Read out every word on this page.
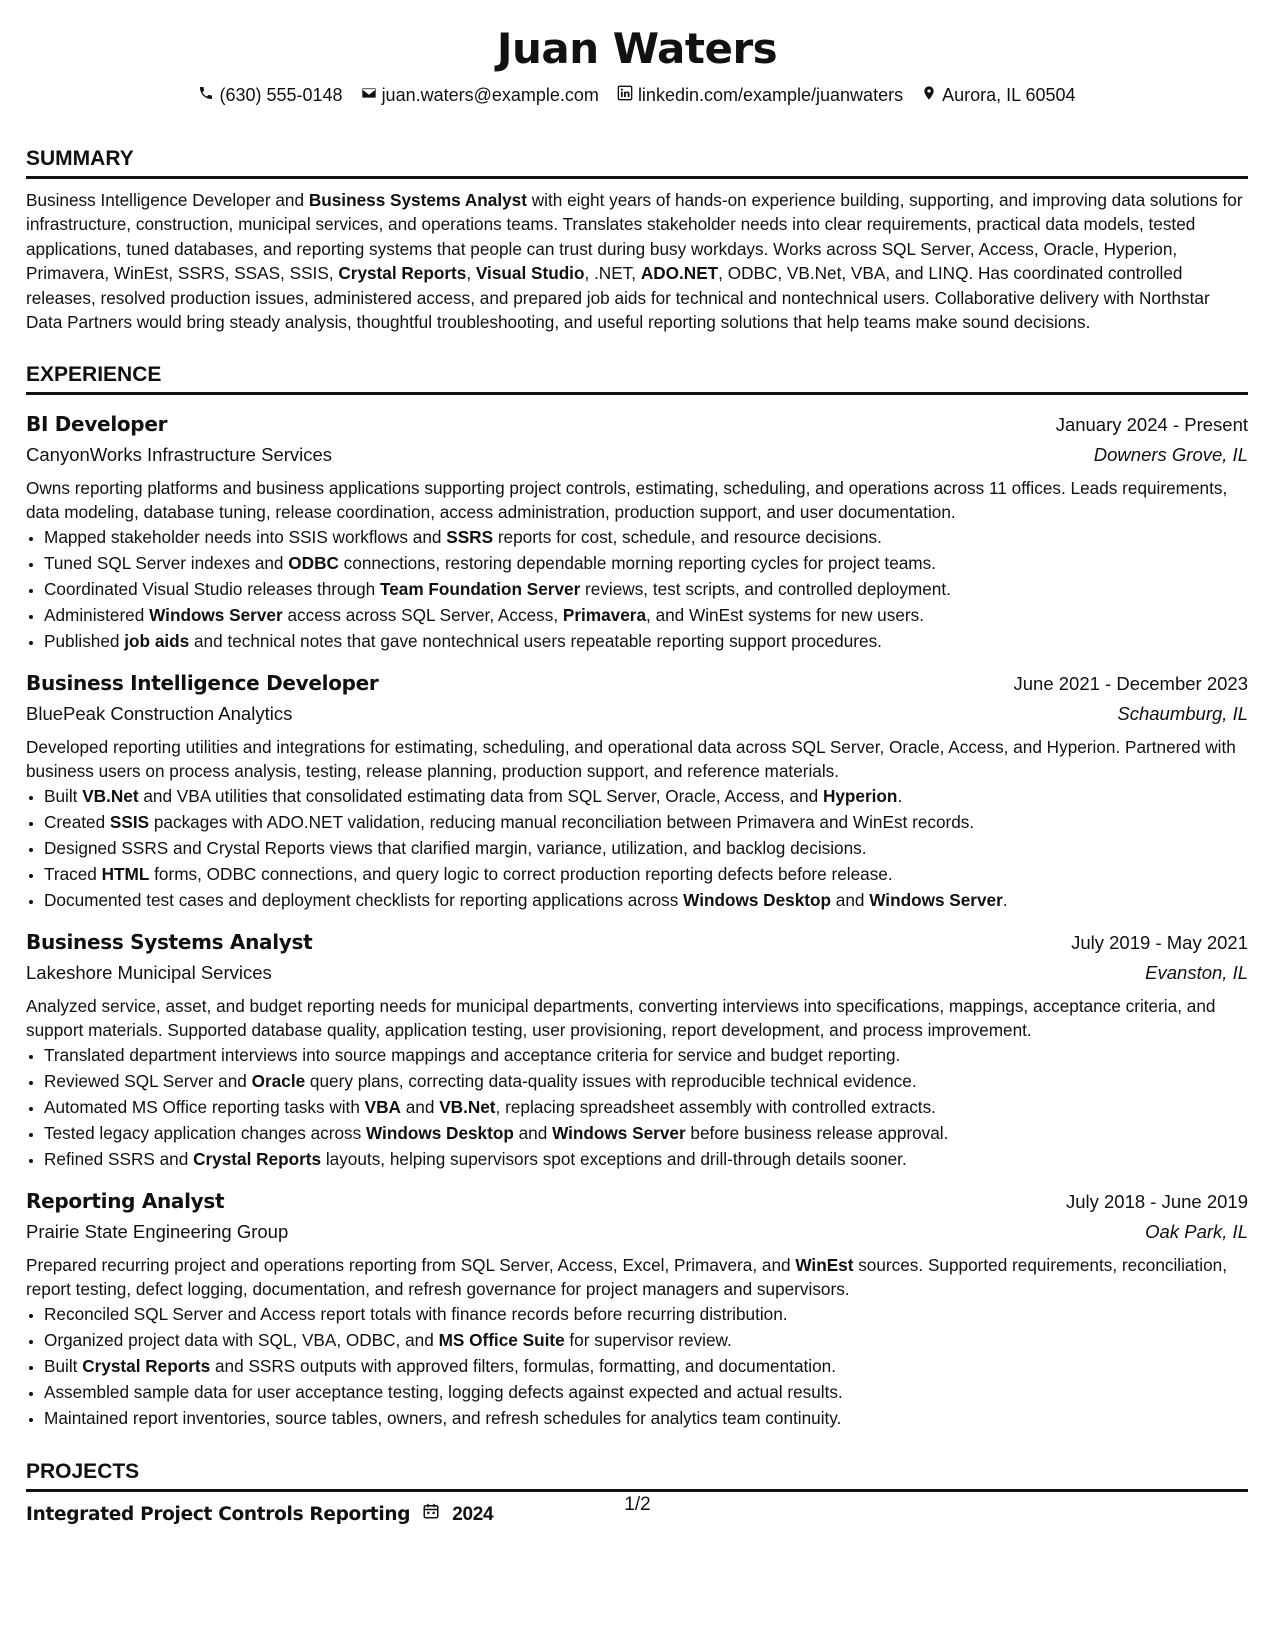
Juan Waters
(630) 555-0148 juan.waters@example.com linkedin.com/example/juanwaters Aurora, IL 60504
SUMMARY
Business Intelligence Developer and Business Systems Analyst with eight years of hands-on experience building, supporting, and improving data solutions for infrastructure, construction, municipal services, and operations teams. Translates stakeholder needs into clear requirements, practical data models, tested applications, tuned databases, and reporting systems that people can trust during busy workdays. Works across SQL Server, Access, Oracle, Hyperion, Primavera, WinEst, SSRS, SSAS, SSIS, Crystal Reports, Visual Studio, .NET, ADO.NET, ODBC, VB.Net, VBA, and LINQ. Has coordinated controlled releases, resolved production issues, administered access, and prepared job aids for technical and nontechnical users. Collaborative delivery with Northstar Data Partners would bring steady analysis, thoughtful troubleshooting, and useful reporting solutions that help teams make sound decisions.
EXPERIENCE
BI Developer	January 2024 - Present
CanyonWorks Infrastructure Services	Downers Grove, IL
Owns reporting platforms and business applications supporting project controls, estimating, scheduling, and operations across 11 offices. Leads requirements, data modeling, database tuning, release coordination, access administration, production support, and user documentation.
• Mapped stakeholder needs into SSIS workflows and SSRS reports for cost, schedule, and resource decisions.
• Tuned SQL Server indexes and ODBC connections, restoring dependable morning reporting cycles for project teams.
• Coordinated Visual Studio releases through Team Foundation Server reviews, test scripts, and controlled deployment.
• Administered Windows Server access across SQL Server, Access, Primavera, and WinEst systems for new users.
• Published job aids and technical notes that gave nontechnical users repeatable reporting support procedures.
Business Intelligence Developer	June 2021 - December 2023
BluePeak Construction Analytics	Schaumburg, IL
Developed reporting utilities and integrations for estimating, scheduling, and operational data across SQL Server, Oracle, Access, and Hyperion. Partnered with business users on process analysis, testing, release planning, production support, and reference materials.
• Built VB.Net and VBA utilities that consolidated estimating data from SQL Server, Oracle, Access, and Hyperion.
• Created SSIS packages with ADO.NET validation, reducing manual reconciliation between Primavera and WinEst records.
• Designed SSRS and Crystal Reports views that clarified margin, variance, utilization, and backlog decisions.
• Traced HTML forms, ODBC connections, and query logic to correct production reporting defects before release.
• Documented test cases and deployment checklists for reporting applications across Windows Desktop and Windows Server.
Business Systems Analyst	July 2019 - May 2021
Lakeshore Municipal Services	Evanston, IL
Analyzed service, asset, and budget reporting needs for municipal departments, converting interviews into specifications, mappings, acceptance criteria, and support materials. Supported database quality, application testing, user provisioning, report development, and process improvement.
• Translated department interviews into source mappings and acceptance criteria for service and budget reporting.
• Reviewed SQL Server and Oracle query plans, correcting data-quality issues with reproducible technical evidence.
• Automated MS Office reporting tasks with VBA and VB.Net, replacing spreadsheet assembly with controlled extracts.
• Tested legacy application changes across Windows Desktop and Windows Server before business release approval.
• Refined SSRS and Crystal Reports layouts, helping supervisors spot exceptions and drill-through details sooner.
Reporting Analyst	July 2018 - June 2019
Prairie State Engineering Group	Oak Park, IL
Prepared recurring project and operations reporting from SQL Server, Access, Excel, Primavera, and WinEst sources. Supported requirements, reconciliation, report testing, defect logging, documentation, and refresh governance for project managers and supervisors.
• Reconciled SQL Server and Access report totals with finance records before recurring distribution.
• Organized project data with SQL, VBA, ODBC, and MS Office Suite for supervisor review.
• Built Crystal Reports and SSRS outputs with approved filters, formulas, formatting, and documentation.
• Assembled sample data for user acceptance testing, logging defects against expected and actual results.
• Maintained report inventories, source tables, owners, and refresh schedules for analytics team continuity.
PROJECTS
Integrated Project Controls Reporting 2024	1/2
